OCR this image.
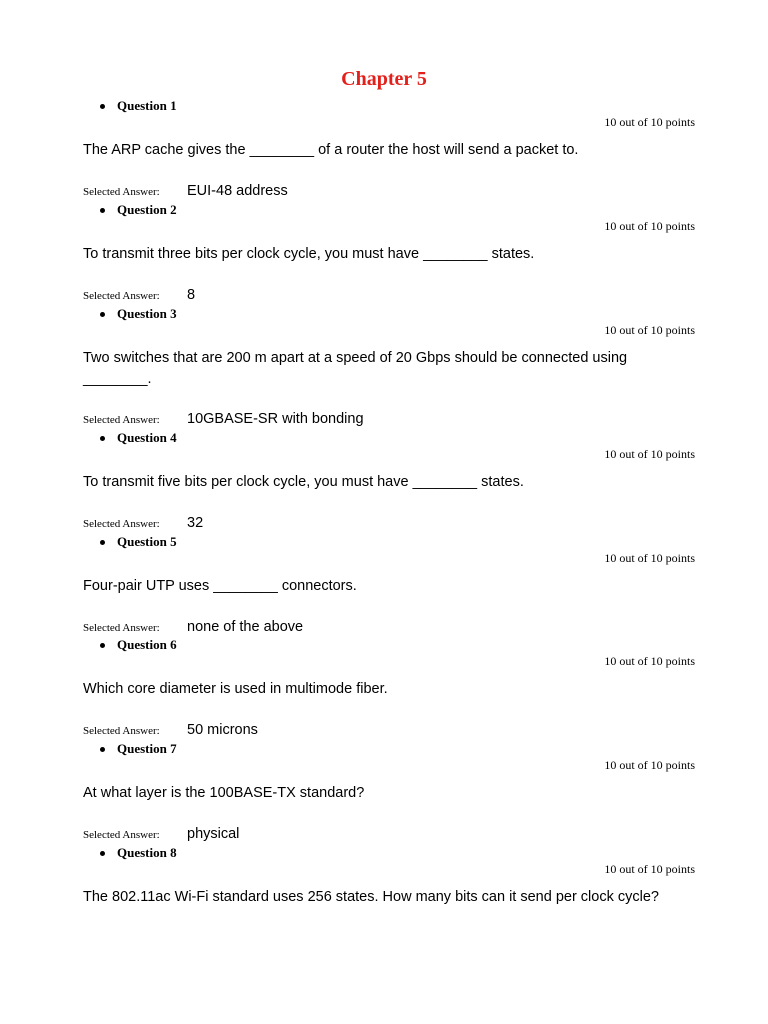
Chapter 5
Question 1
10 out of 10 points

The ARP cache gives the ________ of a router the host will send a packet to.

Selected Answer: EUI-48 address
Question 2
10 out of 10 points

To transmit three bits per clock cycle, you must have ________ states.

Selected Answer: 8
Question 3
10 out of 10 points

Two switches that are 200 m apart at a speed of 20 Gbps should be connected using ________.

Selected Answer: 10GBASE-SR with bonding
Question 4
10 out of 10 points

To transmit five bits per clock cycle, you must have ________ states.

Selected Answer: 32
Question 5
10 out of 10 points

Four-pair UTP uses ________ connectors.

Selected Answer: none of the above
Question 6
10 out of 10 points

Which core diameter is used in multimode fiber.

Selected Answer: 50 microns
Question 7
10 out of 10 points

At what layer is the 100BASE-TX standard?

Selected Answer: physical
Question 8
10 out of 10 points

The 802.11ac Wi-Fi standard uses 256 states. How many bits can it send per clock cycle?
